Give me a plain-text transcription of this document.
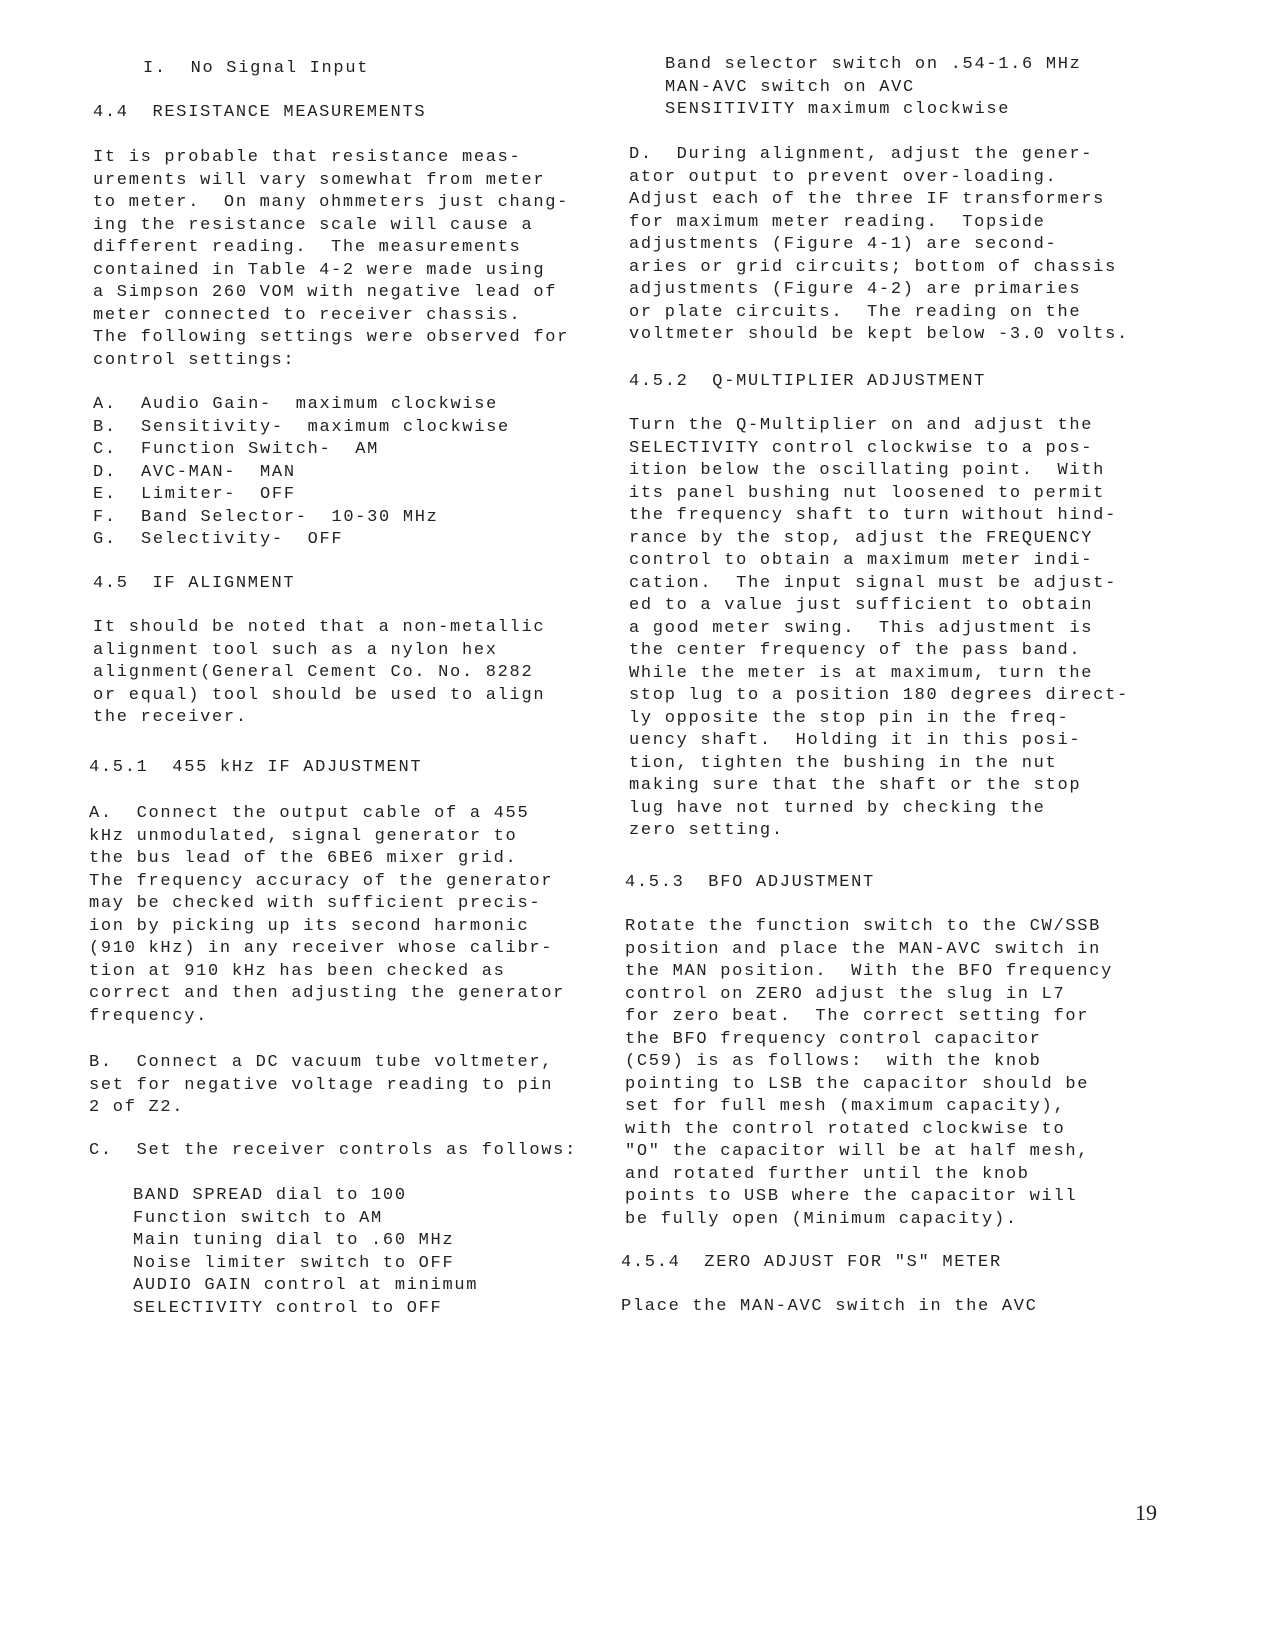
I.  No Signal Input
4.4  RESISTANCE MEASUREMENTS
It is probable that resistance meas-
urements will vary somewhat from meter
to meter.  On many ohmmeters just chang-
ing the resistance scale will cause a
different reading.  The measurements
contained in Table 4-2 were made using
a Simpson 260 VOM with negative lead of
meter connected to receiver chassis.
The following settings were observed for
control settings:
A. Audio Gain-  maximum clockwise
B. Sensitivity-  maximum clockwise
C. Function Switch-  AM
D. AVC-MAN-  MAN
E. Limiter-  OFF
F. Band Selector-  10-30 MHz
G. Selectivity-  OFF
4.5  IF ALIGNMENT
It should be noted that a non-metallic
alignment tool such as a nylon hex
alignment(General Cement Co. No. 8282
or equal) tool should be used to align
the receiver.
4.5.1  455 kHz IF ADJUSTMENT
A.  Connect the output cable of a 455
kHz unmodulated, signal generator to
the bus lead of the 6BE6 mixer grid.
The frequency accuracy of the generator
may be checked with sufficient precis-
ion by picking up its second harmonic
(910 kHz) in any receiver whose calibr-
tion at 910 kHz has been checked as
correct and then adjusting the generator
frequency.
B.  Connect a DC vacuum tube voltmeter,
set for negative voltage reading to pin
2 of Z2.
C.  Set the receiver controls as follows:
BAND SPREAD dial to 100
Function switch to AM
Main tuning dial to .60 MHz
Noise limiter switch to OFF
AUDIO GAIN control at minimum
SELECTIVITY control to OFF
Band selector switch on .54-1.6 MHz
MAN-AVC switch on AVC
SENSITIVITY maximum clockwise
D.  During alignment, adjust the gener-
ator output to prevent over-loading.
Adjust each of the three IF transformers
for maximum meter reading.  Topside
adjustments (Figure 4-1) are second-
aries or grid circuits; bottom of chassis
adjustments (Figure 4-2) are primaries
or plate circuits.  The reading on the
voltmeter should be kept below -3.0 volts.
4.5.2  Q-MULTIPLIER ADJUSTMENT
Turn the Q-Multiplier on and adjust the
SELECTIVITY control clockwise to a pos-
ition below the oscillating point.  With
its panel bushing nut loosened to permit
the frequency shaft to turn without hind-
rance by the stop, adjust the FREQUENCY
control to obtain a maximum meter indi-
cation.  The input signal must be adjust-
ed to a value just sufficient to obtain
a good meter swing.  This adjustment is
the center frequency of the pass band.
While the meter is at maximum, turn the
stop lug to a position 180 degrees direct-
ly opposite the stop pin in the freq-
uency shaft.  Holding it in this posi-
tion, tighten the bushing in the nut
making sure that the shaft or the stop
lug have not turned by checking the
zero setting.
4.5.3  BFO ADJUSTMENT
Rotate the function switch to the CW/SSB
position and place the MAN-AVC switch in
the MAN position.  With the BFO frequency
control on ZERO adjust the slug in L7
for zero beat.  The correct setting for
the BFO frequency control capacitor
(C59) is as follows:  with the knob
pointing to LSB the capacitor should be
set for full mesh (maximum capacity),
with the control rotated clockwise to
"O" the capacitor will be at half mesh,
and rotated further until the knob
points to USB where the capacitor will
be fully open (Minimum capacity).
4.5.4  ZERO ADJUST FOR "S" METER
Place the MAN-AVC switch in the AVC
19
